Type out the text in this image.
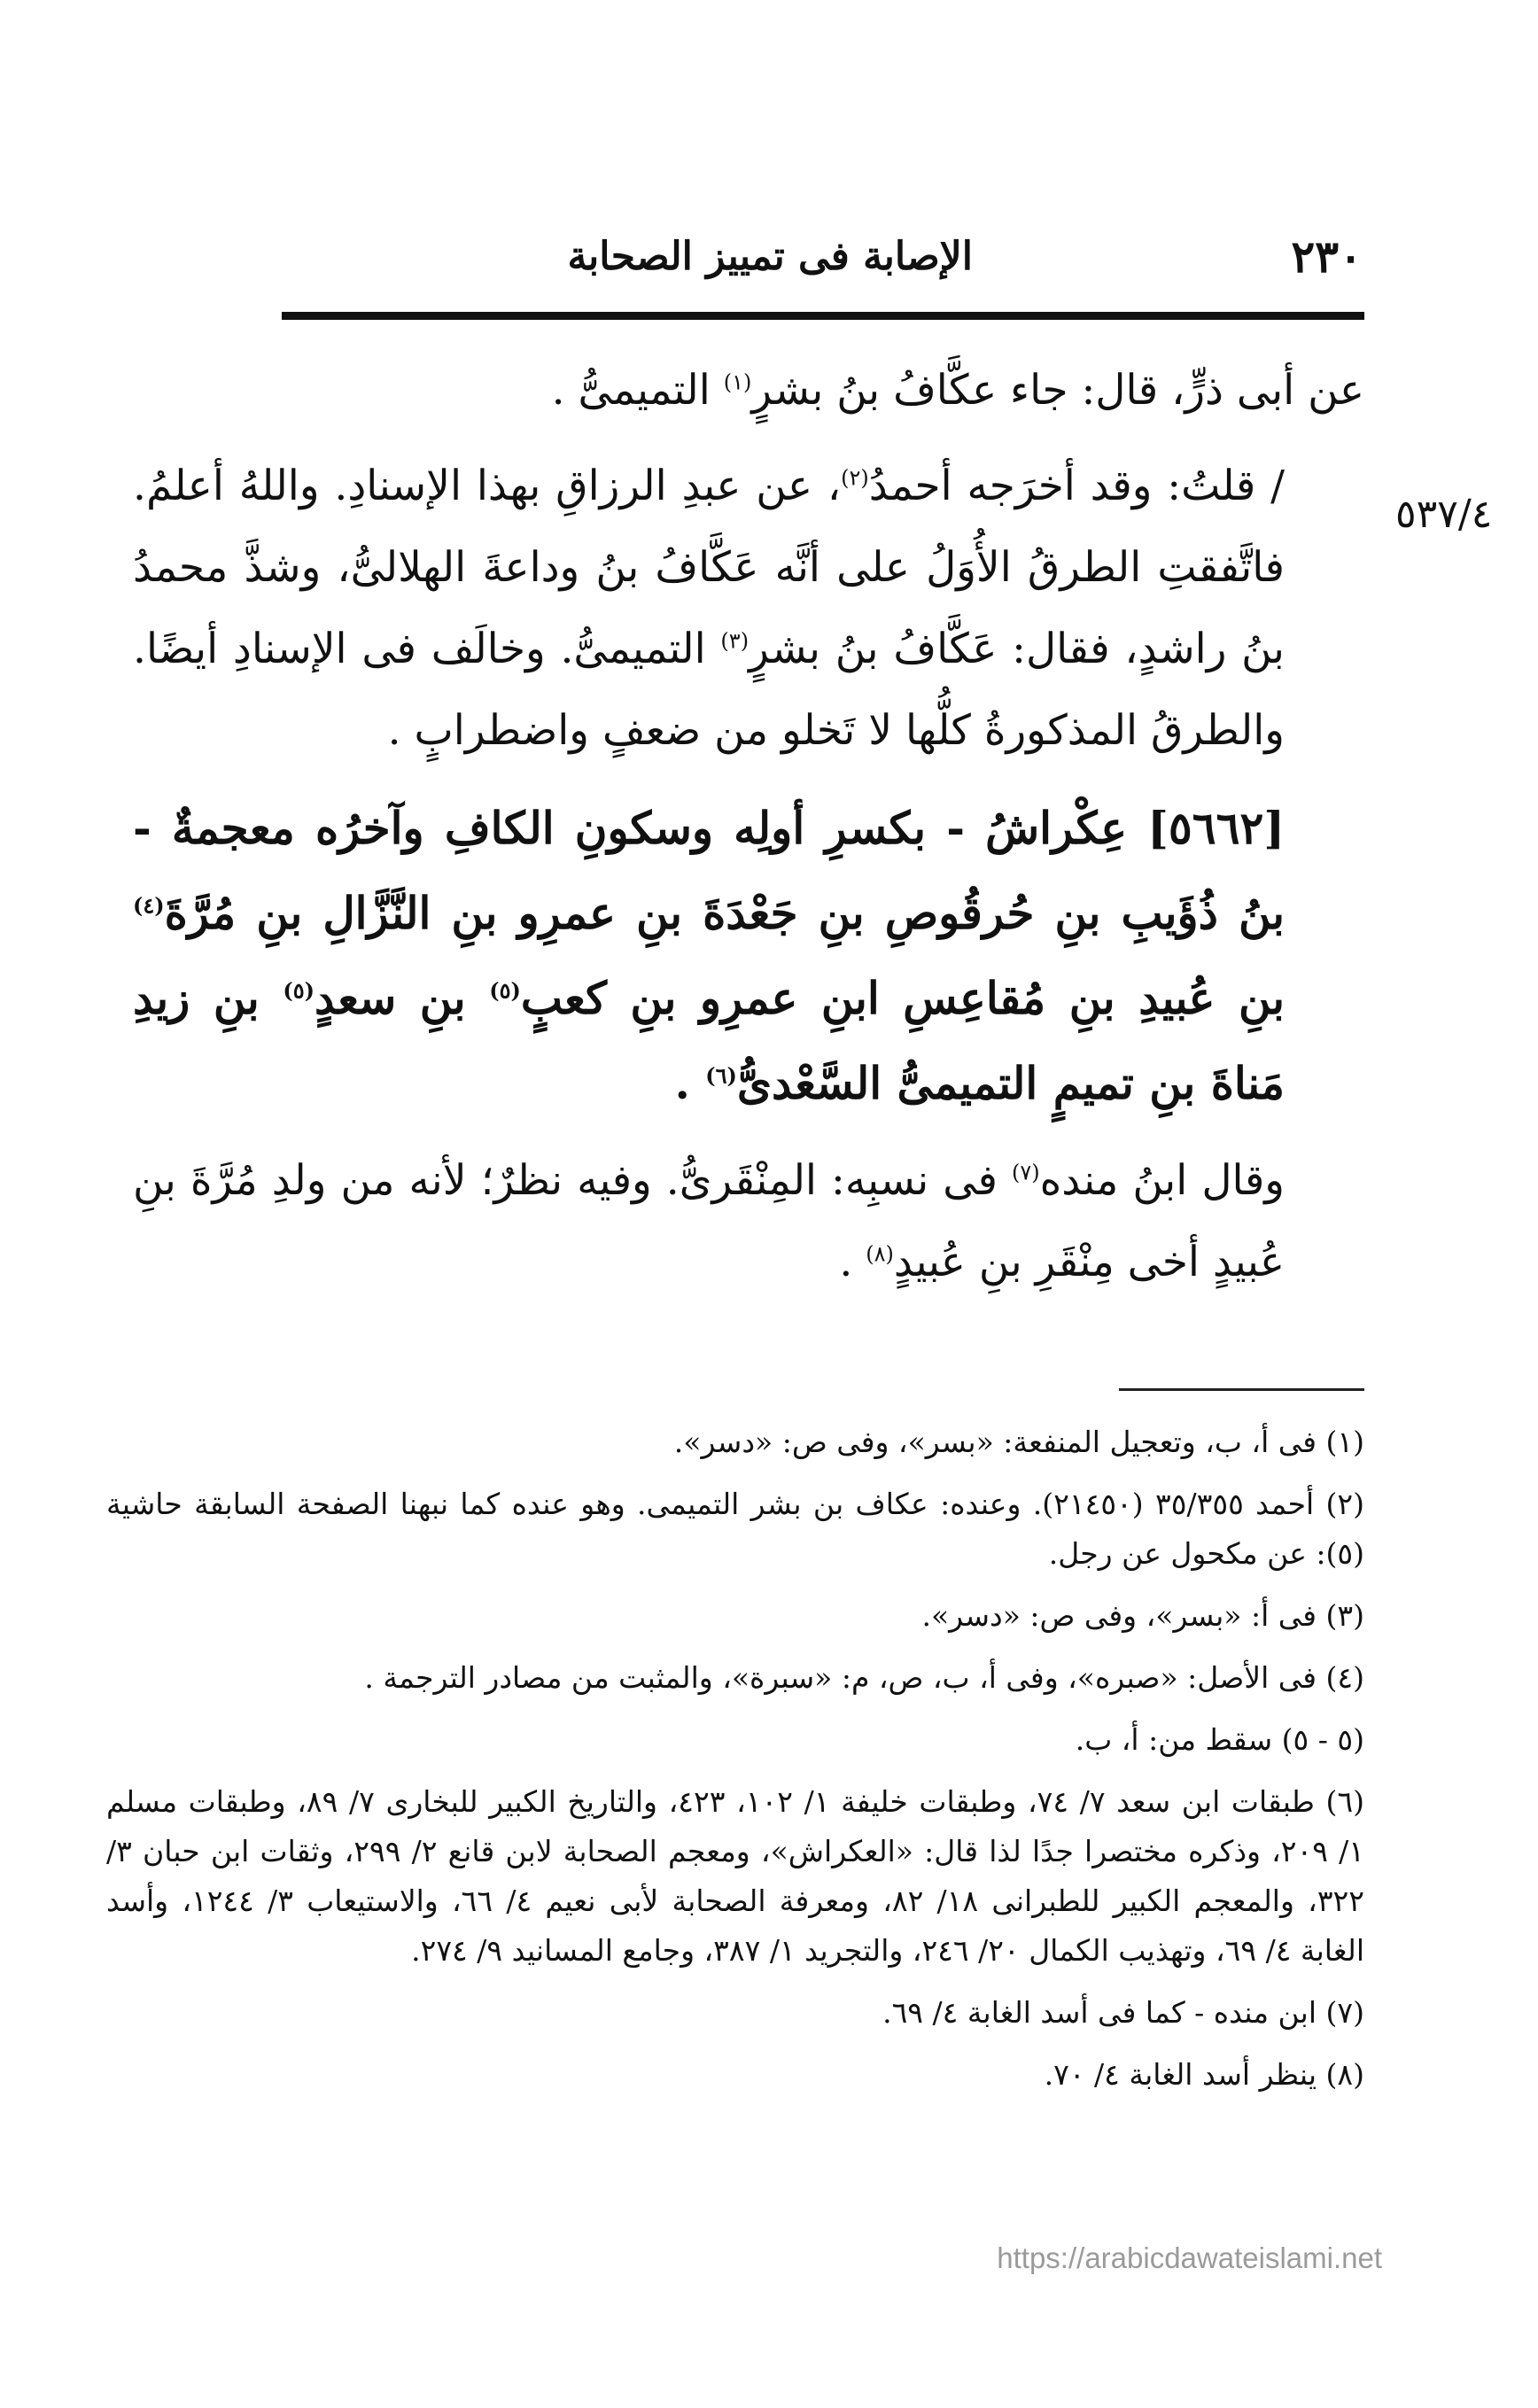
٢٣٠
الإصابة فى تمييز الصحابة
٥٣٧/٤

عن أبى ذرٍّ، قال: جاء عكَّافُ بنُ بشرٍ$^{(١)}$ التميمىُّ .

/ قلتُ: وقد أخرَجه أحمدُ$^{(٢)}$، عن عبدِ الرزاقِ بهذا الإسنادِ. واللهُ أعلمُ. فاتَّفقتِ الطرقُ الأُوَلُ على أنَّه عَكَّافُ بنُ وداعةَ الهلالىُّ، وشذَّ محمدُ بنُ راشدٍ، فقال: عَكَّافُ بنُ بشرٍ$^{(٣)}$ التميمىُّ. وخالَف فى الإسنادِ أيضًا. والطرقُ المذكورةُ كلُّها لا تَخلو من ضعفٍ واضطرابٍ .

[٥٦٦٢] عِكْراشُ - بكسرِ أولِه وسكونِ الكافِ وآخرُه معجمةٌ - بنُ ذُؤَيبِ بنِ حُرقُوصِ بنِ جَعْدَةَ بنِ عمرِو بنِ النَّزَّالِ بنِ مُرَّةَ$^{(٤)}$ بنِ عُبيدِ بنِ مُقاعِسِ ابنِ عمرِو بنِ كعبٍ$^{(٥)}$ بنِ سعدٍ$^{(٥)}$ بنِ زيدِ مَناةَ بنِ تميمٍ التميمىُّ السَّعْدىُّ$^{(٦)}$ .

وقال ابنُ منده$^{(٧)}$ فى نسبِه: المِنْقَرىُّ. وفيه نظرٌ؛ لأنه من ولدِ مُرَّةَ بنِ عُبيدٍ أخى مِنْقَرِ بنِ عُبيدٍ$^{(٨)}$ .

(١) فى أ، ب، وتعجيل المنفعة: «بسر»، وفى ص: «دسر».

(٢) أحمد ٣٥/٣٥٥ (٢١٤٥٠). وعنده: عكاف بن بشر التميمى. وهو عنده كما نبهنا الصفحة السابقة حاشية (٥): عن مكحول عن رجل.

(٣) فى أ: «بسر»، وفى ص: «دسر».

(٤) فى الأصل: «صبره»، وفى أ، ب، ص، م: «سبرة»، والمثبت من مصادر الترجمة .

(٥ - ٥) سقط من: أ، ب.

(٦) طبقات ابن سعد ٧/ ٧٤، وطبقات خليفة ١/ ١٠٢، ٤٢٣، والتاريخ الكبير للبخارى ٧/ ٨٩، وطبقات مسلم ١/ ٢٠٩، وذكره مختصرا جدًا لذا قال: «العكراش»، ومعجم الصحابة لابن قانع ٢/ ٢٩٩، وثقات ابن حبان ٣/ ٣٢٢، والمعجم الكبير للطبرانى ١٨/ ٨٢، ومعرفة الصحابة لأبى نعيم ٤/ ٦٦، والاستيعاب ٣/ ١٢٤٤، وأسد الغابة ٤/ ٦٩، وتهذيب الكمال ٢٠/ ٢٤٦، والتجريد ١/ ٣٨٧، وجامع المسانيد ٩/ ٢٧٤.

(٧) ابن منده - كما فى أسد الغابة ٤/ ٦٩.

(٨) ينظر أسد الغابة ٤/ ٧٠.

https://arabicdawateislami.net
